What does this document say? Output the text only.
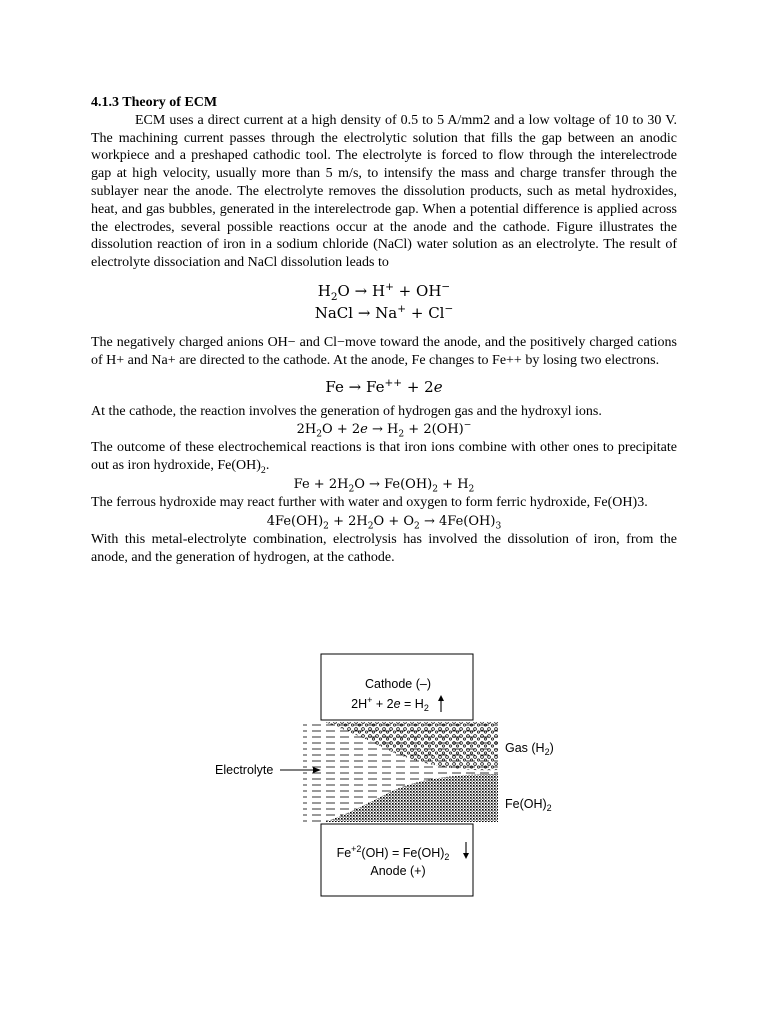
4.1.3 Theory of ECM

ECM uses a direct current at a high density of 0.5 to 5 A/mm2 and a low voltage of 10 to 30 V. The machining current passes through the electrolytic solution that fills the gap between an anodic workpiece and a preshaped cathodic tool. The electrolyte is forced to flow through the interelectrode gap at high velocity, usually more than 5 m/s, to intensify the mass and charge transfer through the sublayer near the anode. The electrolyte removes the dissolution products, such as metal hydroxides, heat, and gas bubbles, generated in the interelectrode gap. When a potential difference is applied across the electrodes, several possible reactions occur at the anode and the cathode. Figure illustrates the dissolution reaction of iron in a sodium chloride (NaCl) water solution as an electrolyte. The result of electrolyte dissociation and NaCl dissolution leads to

$H_2O \to H^+ + OH^-$
NaCl → Na+ + Cl−

The negatively charged anions OH− and Cl−move toward the anode, and the positively charged cations of H+ and Na+ are directed to the cathode. At the anode, Fe changes to Fe++ by losing two electrons.

Fe → Fe++ + 2e

At the cathode, the reaction involves the generation of hydrogen gas and the hydroxyl ions.

$2H_2O + 2e \to H_2 + 2(OH)^-$

The outcome of these electrochemical reactions is that iron ions combine with other ones to precipitate out as iron hydroxide, $Fe(OH)_2$.

$Fe + 2H_2O \to Fe(OH)_2 + H_2$

The ferrous hydroxide may react further with water and oxygen to form ferric hydroxide, Fe(OH)3.

$4Fe(OH)_2 + 2H_2O + O_2 \to 4Fe(OH)_3$

With this metal-electrolyte combination, electrolysis has involved the dissolution of iron, from the anode, and the generation of hydrogen, at the cathode.

Cathode (–)
$2H^+ + 2e = H_2$
$Fe^{+2}(OH) = Fe(OH)_2$
Anode (+)
Electrolyte
Gas $(H_2)$
$Fe(OH)_2$
